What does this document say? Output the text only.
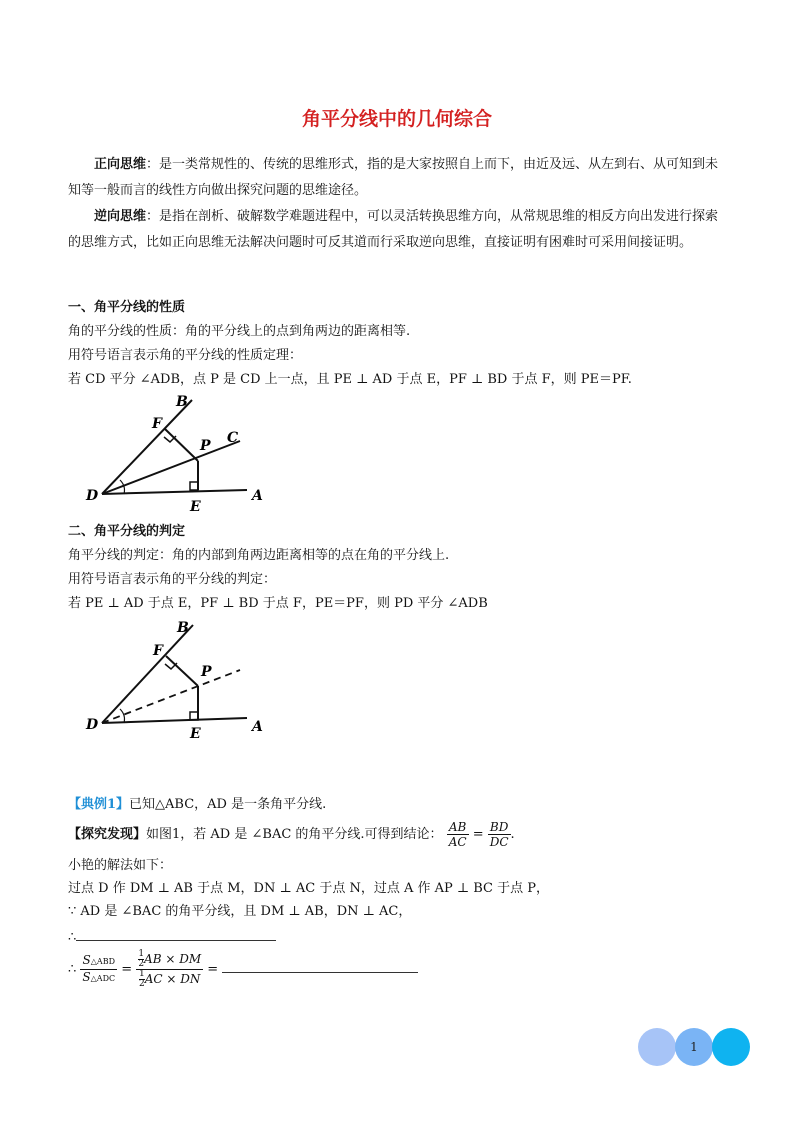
角平分线中的几何综合

正向思维：是一类常规性的、传统的思维形式，指的是大家按照自上而下，由近及远、从左到右、从可知到未知等一般而言的线性方向做出探究问题的思维途径。

逆向思维：是指在剖析、破解数学难题进程中，可以灵活转换思维方向，从常规思维的相反方向出发进行探索的思维方式，比如正向思维无法解决问题时可反其道而行采取逆向思维，直接证明有困难时可采用间接证明。

一、角平分线的性质
角的平分线的性质：角的平分线上的点到角两边的距离相等.
用符号语言表示角的平分线的性质定理：
若 CD 平分 ∠ADB，点 P 是 CD 上一点，且 PE ⊥ AD 于点 E，PF ⊥ BD 于点 F，则 PE＝PF.
B
F
P C
D
E
A
二、角平分线的判定
角平分线的判定：角的内部到角两边距离相等的点在角的平分线上.
用符号语言表示角的平分线的判定：
若 PE ⊥ AD 于点 E，PF ⊥ BD 于点 F，PE＝PF，则 PD 平分 ∠ADB
B
F
P
D
E	A
【典例1】已知△ABC，AD 是一条角平分线.
【探究发现】如图1，若 AD 是 ∠BAC 的角平分线.可得到结论： $\frac{AB}{AC} = \frac{BD}{DC}$ .
小艳的解法如下：
过点 D 作 DM ⊥ AB 于点 M，DN ⊥ AC 于点 N，过点 A 作 AP ⊥ BC 于点 P，
∵ AD 是 ∠BAC 的角平分线，且 DM ⊥ AB，DN ⊥ AC，
∴
∴ $\frac{\text{S△ABD}}{\text{S△ADC}} = \frac{\frac{1}{2} AB \times DM}{\frac{1}{2} AC \times DN}$ =
1
